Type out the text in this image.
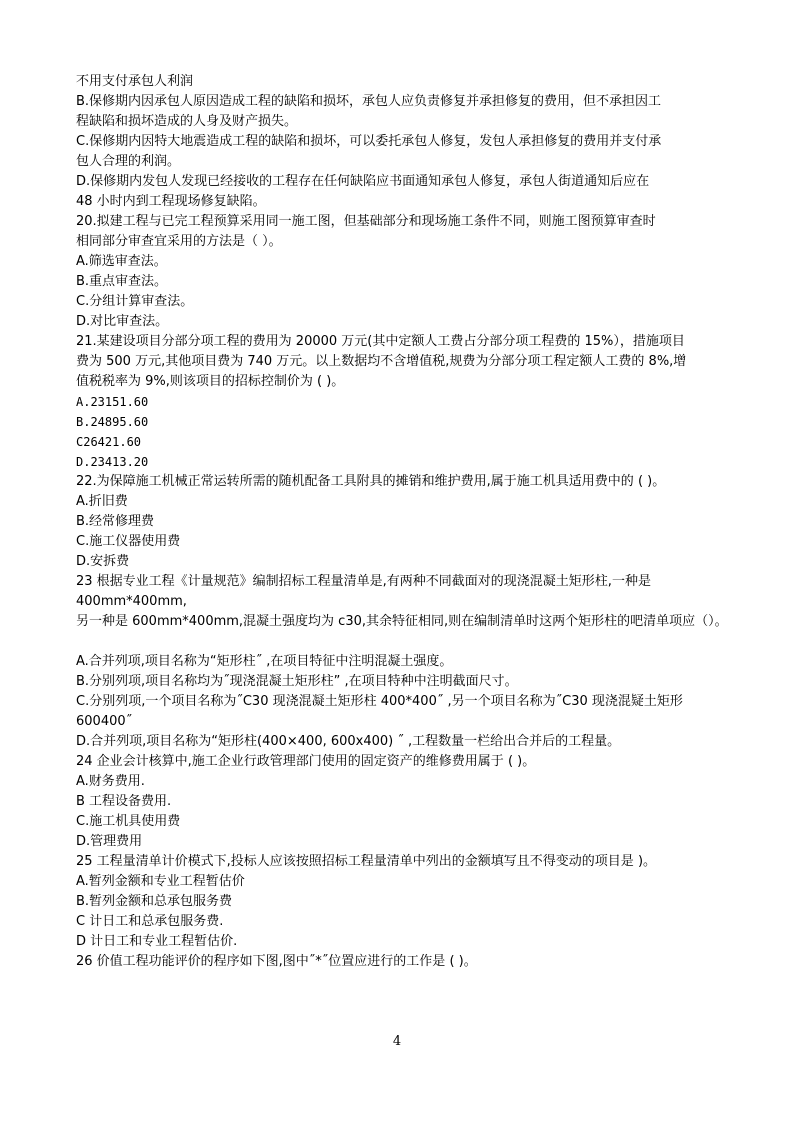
不用支付承包人利润
B.保修期内因承包人原因造成工程的缺陷和损坏，承包人应负责修复并承担修复的费用，但不承担因工
程缺陷和损坏造成的人身及财产损失。
C.保修期内因特大地震造成工程的缺陷和损坏，可以委托承包人修复，发包人承担修复的费用并支付承
包人合理的利润。
D.保修期内发包人发现已经接收的工程存在任何缺陷应书面通知承包人修复，承包人街道通知后应在
48 小时内到工程现场修复缺陷。
20.拟建工程与已完工程预算采用同一施工图，但基础部分和现场施工条件不同，则施工图预算审查时
相同部分审查宜采用的方法是（ ）。
A.筛选审查法。
B.重点审查法。
C.分组计算审查法。
D.对比审查法。
21.某建设项目分部分项工程的费用为 20000 万元(其中定额人工费占分部分项工程费的 15%），措施项目
费为 500 万元,其他项目费为 740 万元。以上数据均不含增值税,规费为分部分项工程定额人工费的 8%,增
值税税率为 9%,则该项目的招标控制价为 ( )。
A.23151.60
B.24895.60
C26421.60
D.23413.20
22.为保障施工机械正常运转所需的随机配备工具附具的摊销和维护费用,属于施工机具适用费中的 ( )。
A.折旧费
B.经常修理费
C.施工仪器使用费
D.安拆费
23 根据专业工程《计量规范》编制招标工程量清单是,有两种不同截面对的现浇混凝土矩形柱,一种是
400mm*400mm,
另一种是 600mm*400mm,混凝土强度均为 c30,其余特征相同,则在编制清单时这两个矩形柱的吧清单项应（）。
A.合并列项,项目名称为“矩形柱˝ ,在项目特征中注明混凝土强度。
B.分别列项,项目名称均为˝现浇混凝土矩形柱” ,在项目特种中注明截面尺寸。
C.分别列项,一个项目名称为˝C30 现浇混凝土矩形柱 400*400˝ ,另一个项目名称为˝C30 现浇混疑土矩形
600400˝
D.合并列项,项目名称为“矩形柱(400×400, 600x400) ˝ ,工程数量一栏给出合并后的工程量。
24 企业会计核算中,施工企业行政管理部门使用的固定资产的维修费用属于 ( )。
A.财务费用.
B 工程设备费用.
C.施工机具使用费
D.管理费用
25 工程量清单计价模式下,投标人应该按照招标工程量清单中列出的金额填写且不得变动的项目是 )。
A.暂列金额和专业工程暂估价
B.暂列金额和总承包服务费
C 计日工和总承包服务费.
D 计日工和专业工程暂估价.
26 价值工程功能评价的程序如下图,图中˝*˝位置应进行的工作是 ( )。
4
